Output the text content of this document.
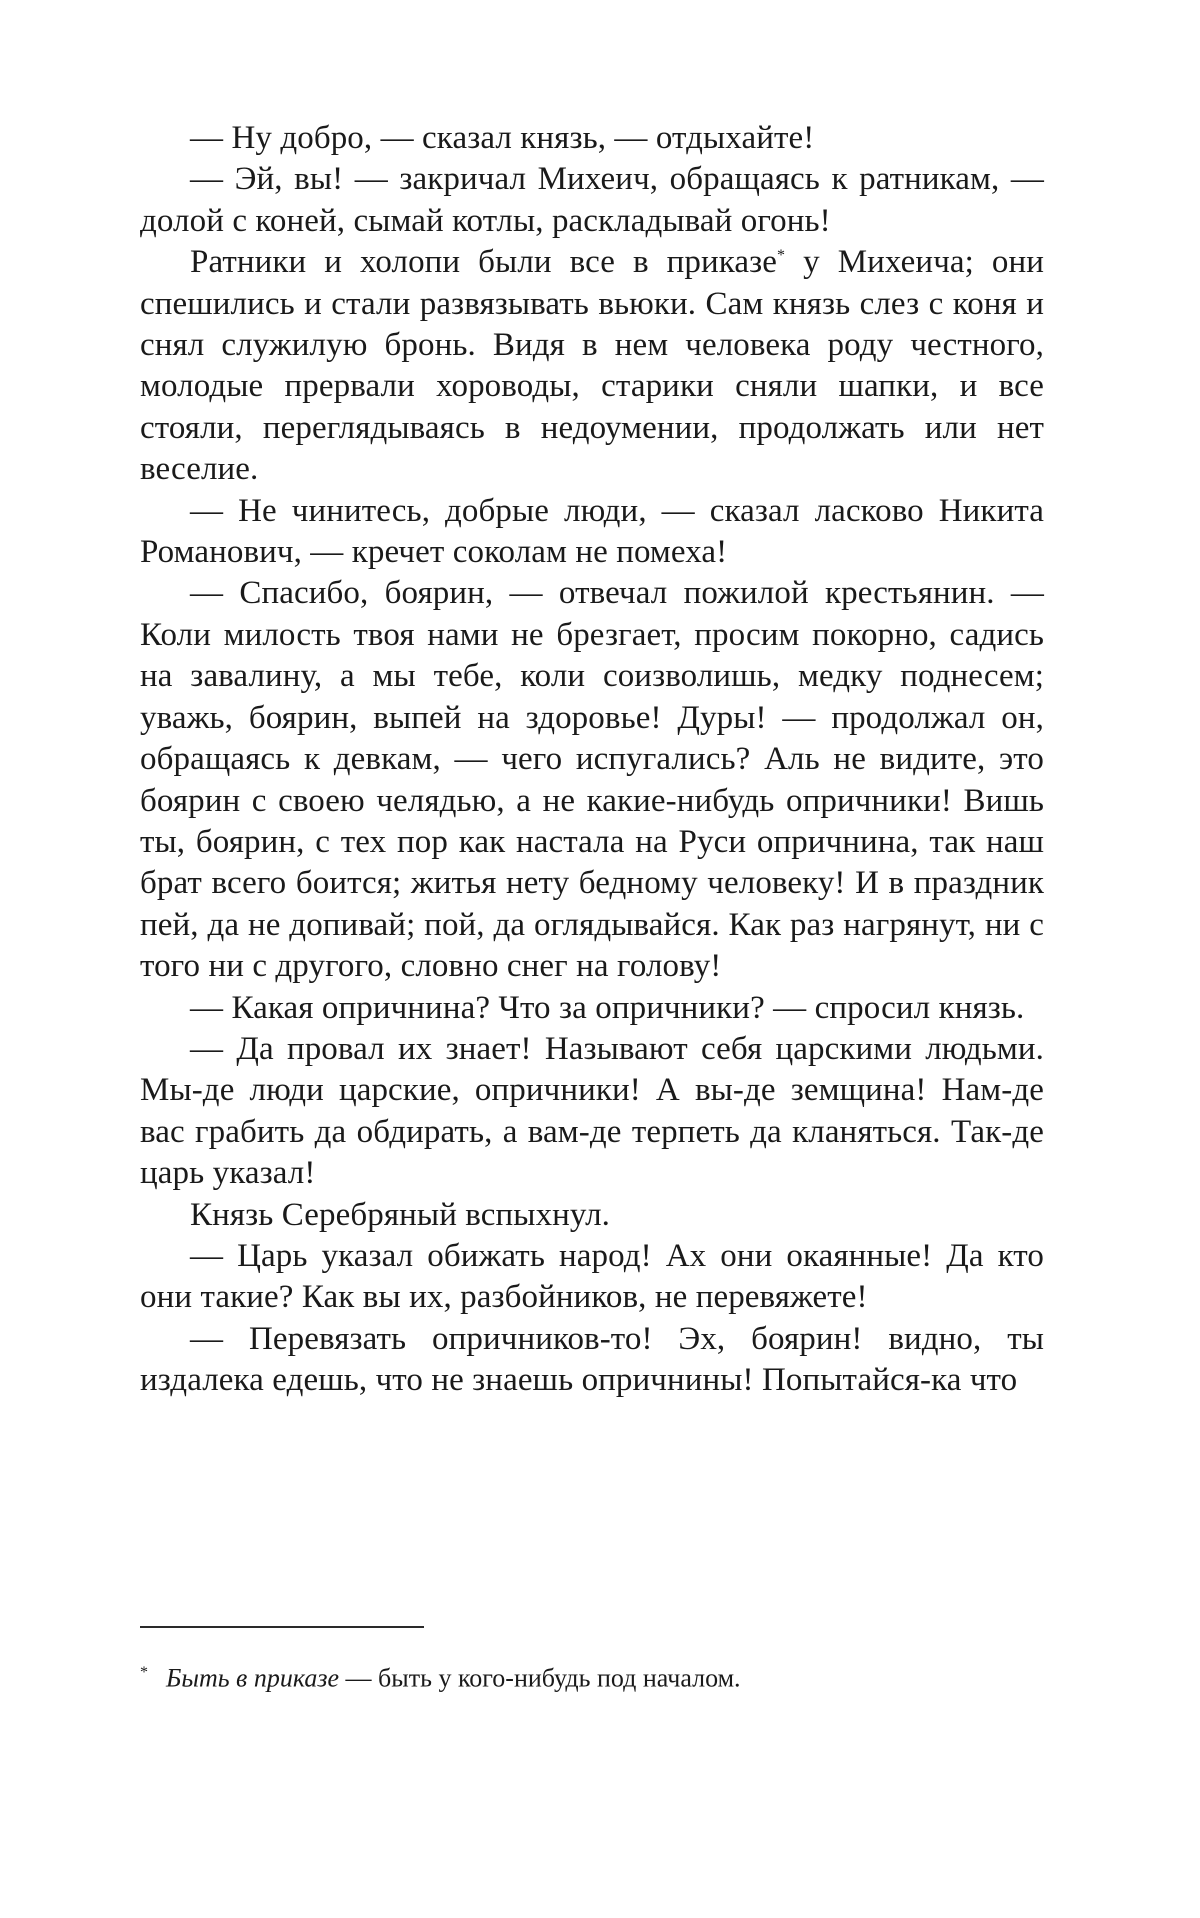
— Ну добро, — сказал князь, — отдыхайте!

— Эй, вы! — закричал Михеич, обращаясь к ратникам, — долой с коней, сымай котлы, раскладывай огонь!

Ратники и холопи были все в приказе* у Михеича; они спешились и стали развязывать вьюки. Сам князь слез с коня и снял служилую бронь. Видя в нем человека роду честного, молодые прервали хороводы, старики сняли шапки, и все стояли, переглядываясь в недоумении, продолжать или нет веселие.

— Не чинитесь, добрые люди, — сказал ласково Никита Романович, — кречет соколам не помеха!

— Спасибо, боярин, — отвечал пожилой крестьянин. — Коли милость твоя нами не брезгает, просим покорно, садись на завалину, а мы тебе, коли соизволишь, медку поднесем; уважь, боярин, выпей на здоровье! Дуры! — продолжал он, обращаясь к девкам, — чего испугались? Аль не видите, это боярин с своею челядью, а не какие-нибудь опричники! Вишь ты, боярин, с тех пор как настала на Руси опричнина, так наш брат всего боится; житья нету бедному человеку! И в праздник пей, да не допивай; пой, да оглядывайся. Как раз нагрянут, ни с того ни с другого, словно снег на голову!

— Какая опричнина? Что за опричники? — спросил князь.

— Да провал их знает! Называют себя царскими людьми. Мы-де люди царские, опричники! А вы-де земщина! Нам-де вас грабить да обдирать, а вам-де терпеть да кланяться. Так-де царь указал!

Князь Серебряный вспыхнул.

— Царь указал обижать народ! Ах они окаянные! Да кто они такие? Как вы их, разбойников, не перевяжете!

— Перевязать опричников-то! Эх, боярин! видно, ты издалека едешь, что не знаешь опричнины! Попытайся-ка что

* Быть в приказе — быть у кого-нибудь под началом.
